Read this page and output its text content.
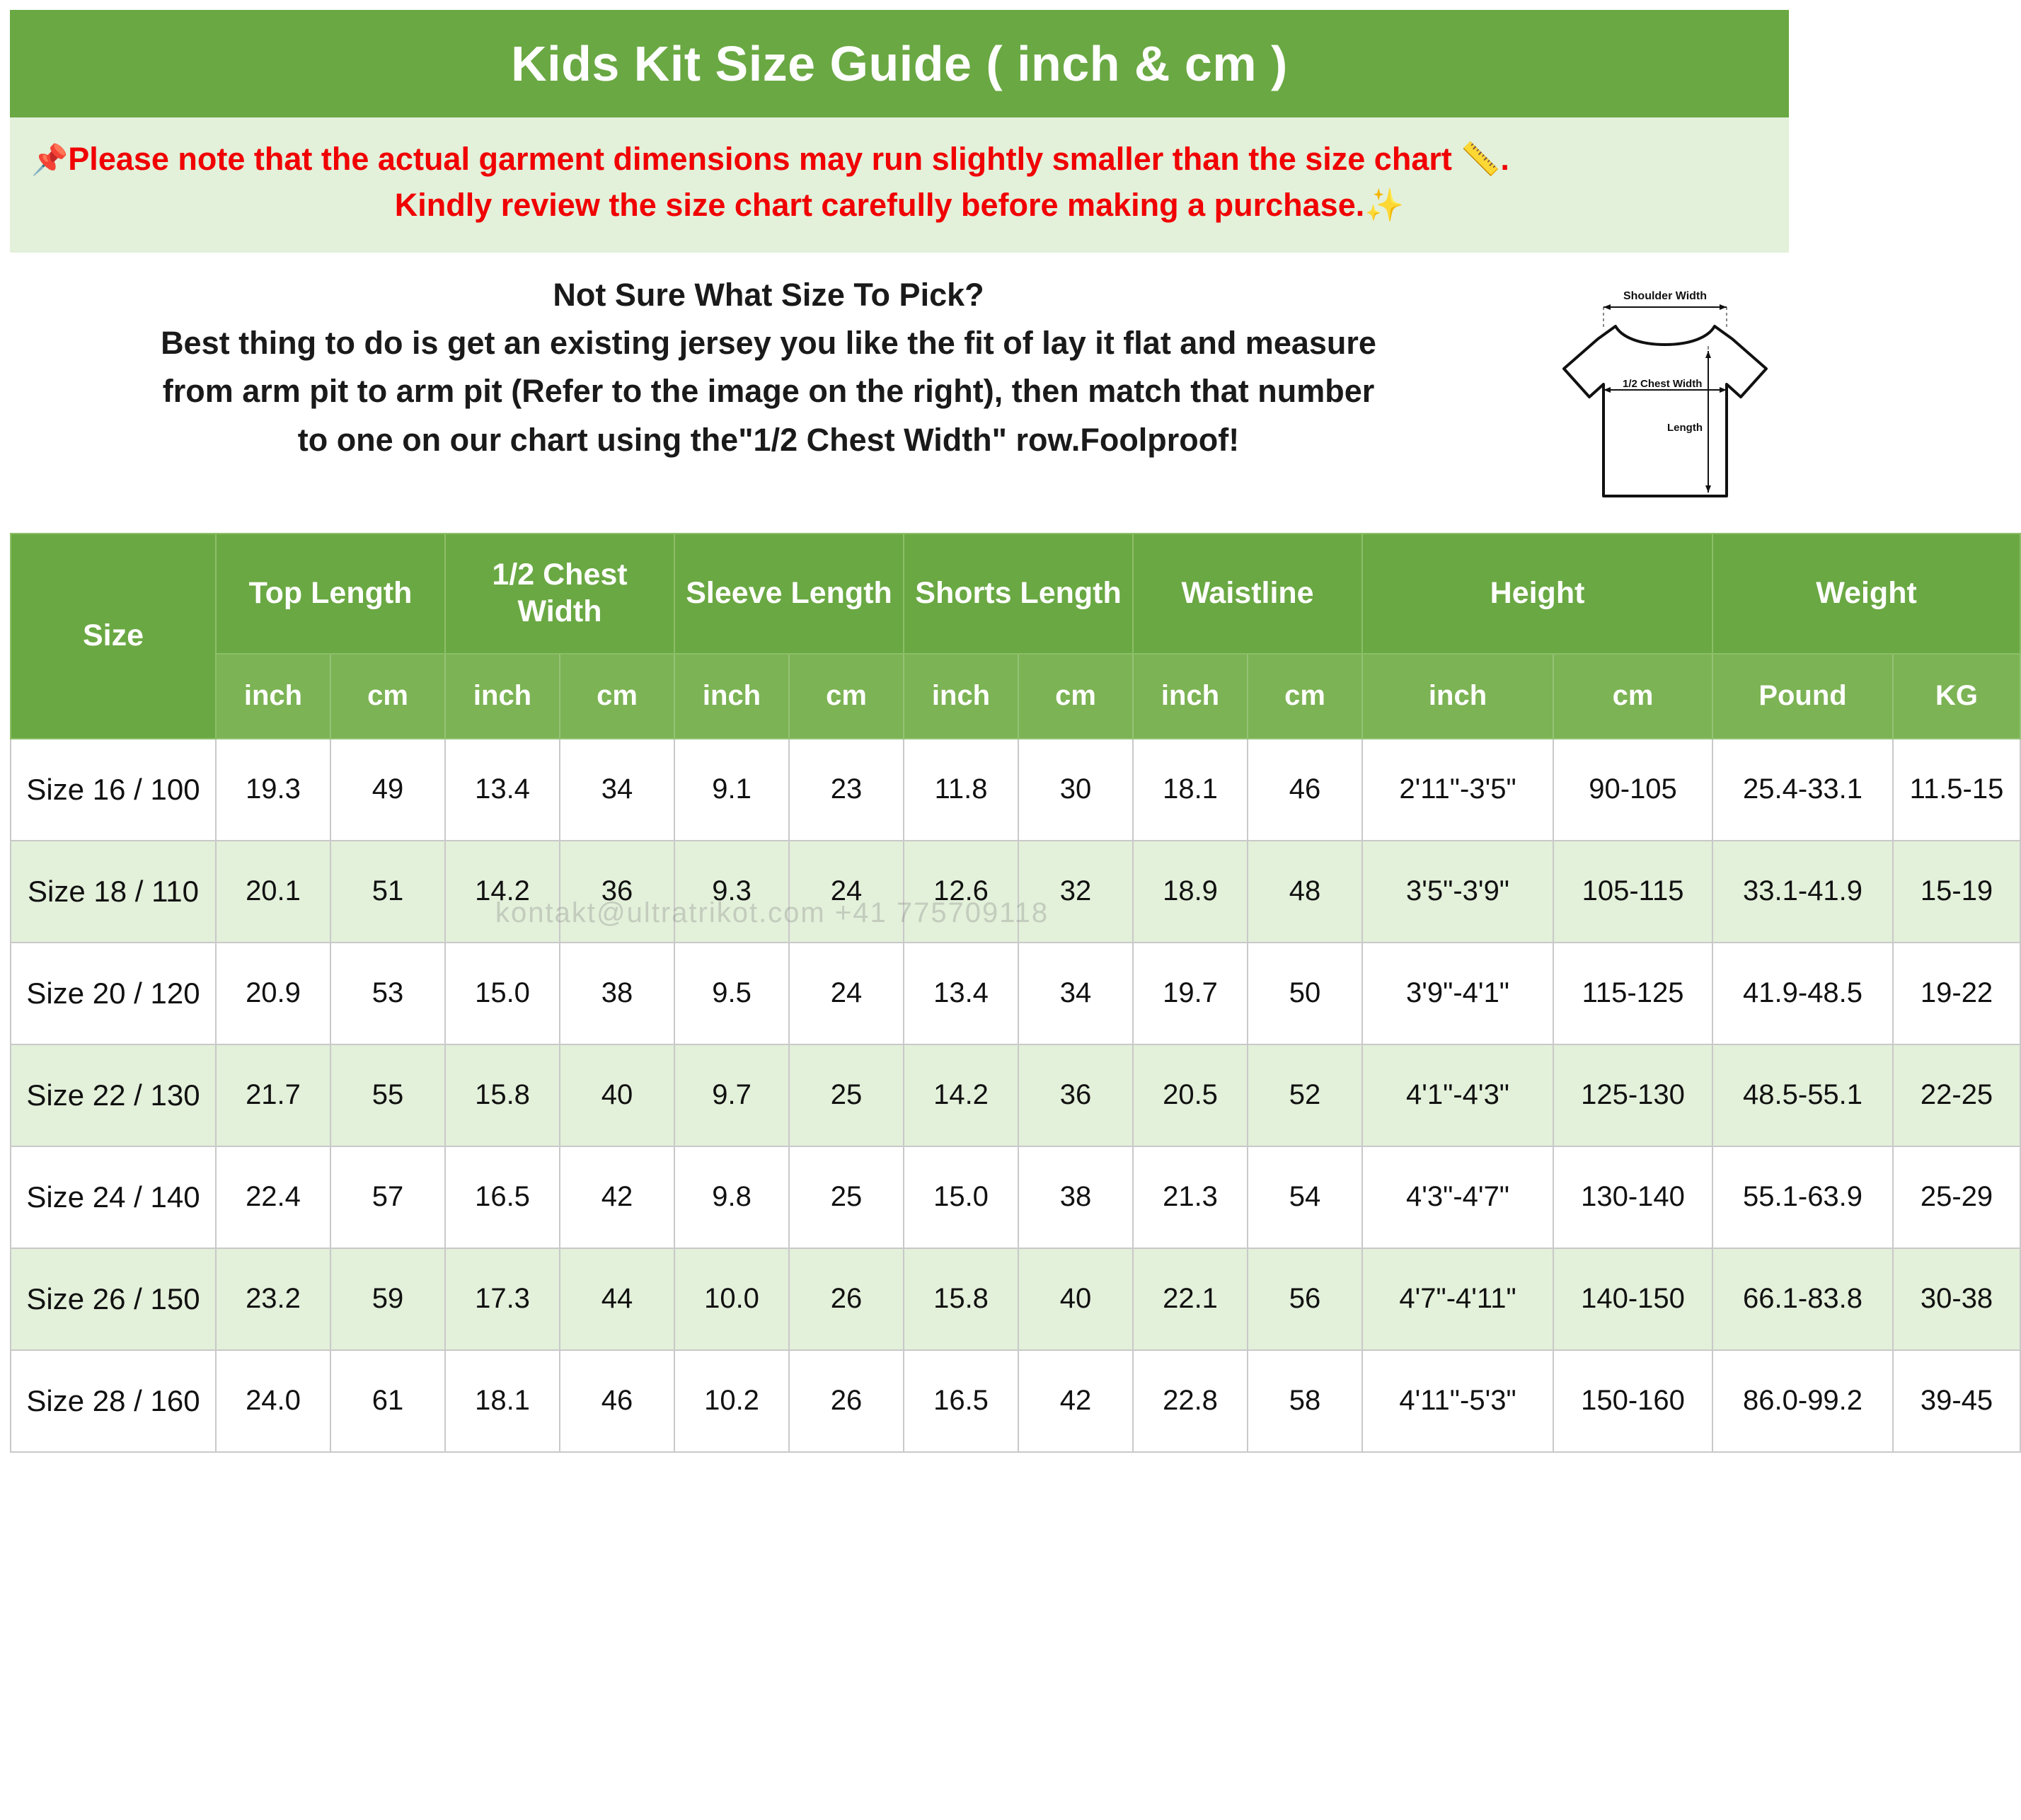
Kids Kit Size Guide ( inch & cm )
📌Please note that the actual garment dimensions may run slightly smaller than the size chart 📏.
Kindly review the size chart carefully before making a purchase.✨
Not Sure What Size To Pick?
Best thing to do is get an existing jersey you like the fit of lay it flat and measure
from arm pit to arm pit (Refer to the image on the right), then match that number
to one on our chart using the"1/2 Chest Width" row.Foolproof!
Shoulder Width
1/2 Chest Width
Length
Size	Top Length		1/2 Chest Width		Sleeve Length		Shorts Length		Waistline		Height		Weight	
	inch	cm	inch	cm	inch	cm	inch	cm	inch	cm	inch	cm	Pound	KG
Size 16 / 100	19.3	49	13.4	34	9.1	23	11.8	30	18.1	46	2'11"-3'5"	90-105	25.4-33.1	11.5-15
Size 18 / 110	20.1	51	14.2	36	9.3	24	12.6	32	18.9	48	3'5"-3'9"	105-115	33.1-41.9	15-19
Size 20 / 120	20.9	53	15.0	38	9.5	24	13.4	34	19.7	50	3'9"-4'1"	115-125	41.9-48.5	19-22
Size 22 / 130	21.7	55	15.8	40	9.7	25	14.2	36	20.5	52	4'1"-4'3"	125-130	48.5-55.1	22-25
Size 24 / 140	22.4	57	16.5	42	9.8	25	15.0	38	21.3	54	4'3"-4'7"	130-140	55.1-63.9	25-29
Size 26 / 150	23.2	59	17.3	44	10.0	26	15.8	40	22.1	56	4'7"-4'11"	140-150	66.1-83.8	30-38
Size 28 / 160	24.0	61	18.1	46	10.2	26	16.5	42	22.8	58	4'11"-5'3"	150-160	86.0-99.2	39-45
kontakt@ultratrikot.com +41 775709118
